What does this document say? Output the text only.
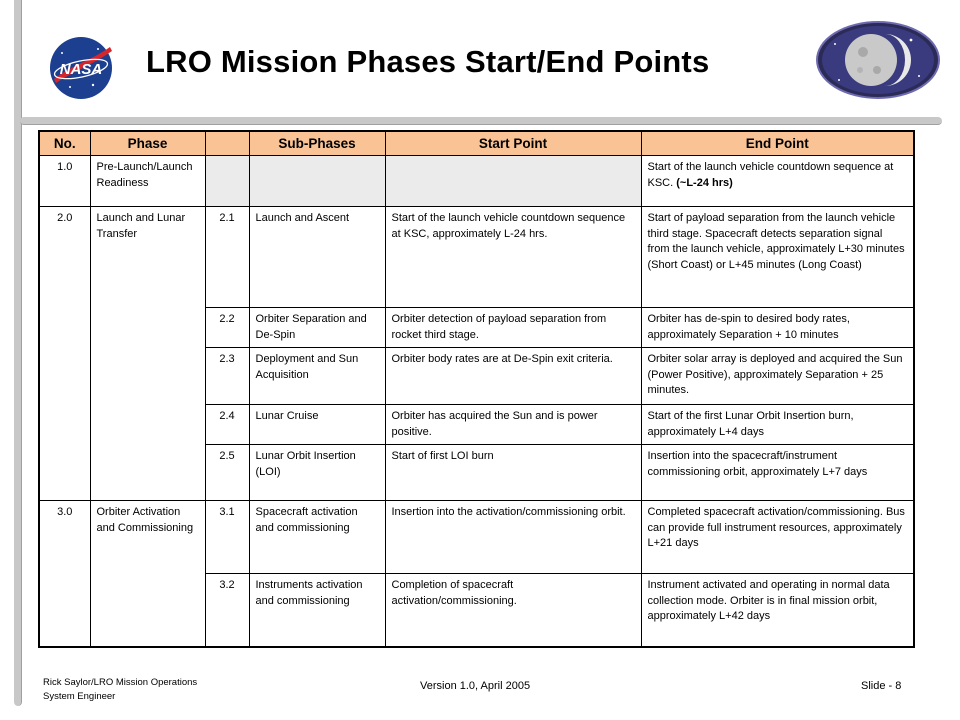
NASA LRO Mission Phases Start/End Points
No.	Phase		Sub-Phases	Start Point	End Point
1.0	Pre-Launch/Launch Readiness				Start of the launch vehicle countdown sequence at KSC. (~L-24 hrs)
2.0	Launch and Lunar Transfer	2.1	Launch and Ascent	Start of the launch vehicle countdown sequence at KSC, approximately L-24 hrs.	Start of payload separation from the launch vehicle third stage. Spacecraft detects separation signal from the launch vehicle, approximately L+30 minutes (Short Coast) or L+45 minutes (Long Coast)
		2.2	Orbiter Separation and De-Spin	Orbiter detection of payload separation from rocket third stage.	Orbiter has de-spin to desired body rates, approximately Separation + 10 minutes
		2.3	Deployment and Sun Acquisition	Orbiter body rates are at De-Spin exit criteria.	Orbiter solar array is deployed and acquired the Sun (Power Positive), approximately Separation + 25 minutes.
		2.4	Lunar Cruise	Orbiter has acquired the Sun and is power positive.	Start of the first Lunar Orbit Insertion burn, approximately L+4 days
		2.5	Lunar Orbit Insertion (LOI)	Start of first LOI burn	Insertion into the spacecraft/instrument commissioning orbit, approximately L+7 days
3.0	Orbiter Activation and Commissioning	3.1	Spacecraft activation and commissioning	Insertion into the activation/commissioning orbit.	Completed spacecraft activation/commissioning. Bus can provide full instrument resources, approximately L+21 days
		3.2	Instruments activation and commissioning	Completion of spacecraft activation/commissioning.	Instrument activated and operating in normal data collection mode. Orbiter is in final mission orbit, approximately L+42 days
Rick Saylor/LRO Mission Operations
System Engineer
Version 1.0, April 2005	Slide - 8
